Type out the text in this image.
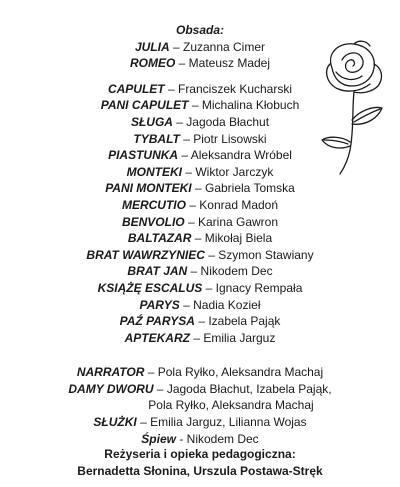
Obsada:
JULIA – Zuzanna Cimer
ROMEO – Mateusz Madej
CAPULET – Franciszek Kucharski
PANI CAPULET – Michalina Kłobuch
SŁUGA – Jagoda Błachut
TYBALT – Piotr Lisowski
PIASTUNKA – Aleksandra Wróbel
MONTEKI – Wiktor Jarczyk
PANI MONTEKI – Gabriela Tomska
MERCUTIO – Konrad Madoń
BENVOLIO – Karina Gawron
BALTAZAR – Mikołaj Biela
BRAT WAWRZYNIEC – Szymon Stawiany
BRAT JAN – Nikodem Dec
KSIĄŻĘ ESCALUS – Ignacy Rempała
PARYS – Nadia Kozieł
PAŹ PARYSA – Izabela Pająk
APTEKARZ – Emilia Jarguz
NARRATOR – Pola Ryłko, Aleksandra Machaj
DAMY DWORU – Jagoda Błachut, Izabela Pająk,
Pola Ryłko, Aleksandra Machaj
SŁUŻKI – Emilia Jarguz, Lilianna Wojas
Śpiew - Nikodem Dec
Reżyseria i opieka pedagogiczna:
Bernadetta Słonina, Urszula Postawa-Stręk
